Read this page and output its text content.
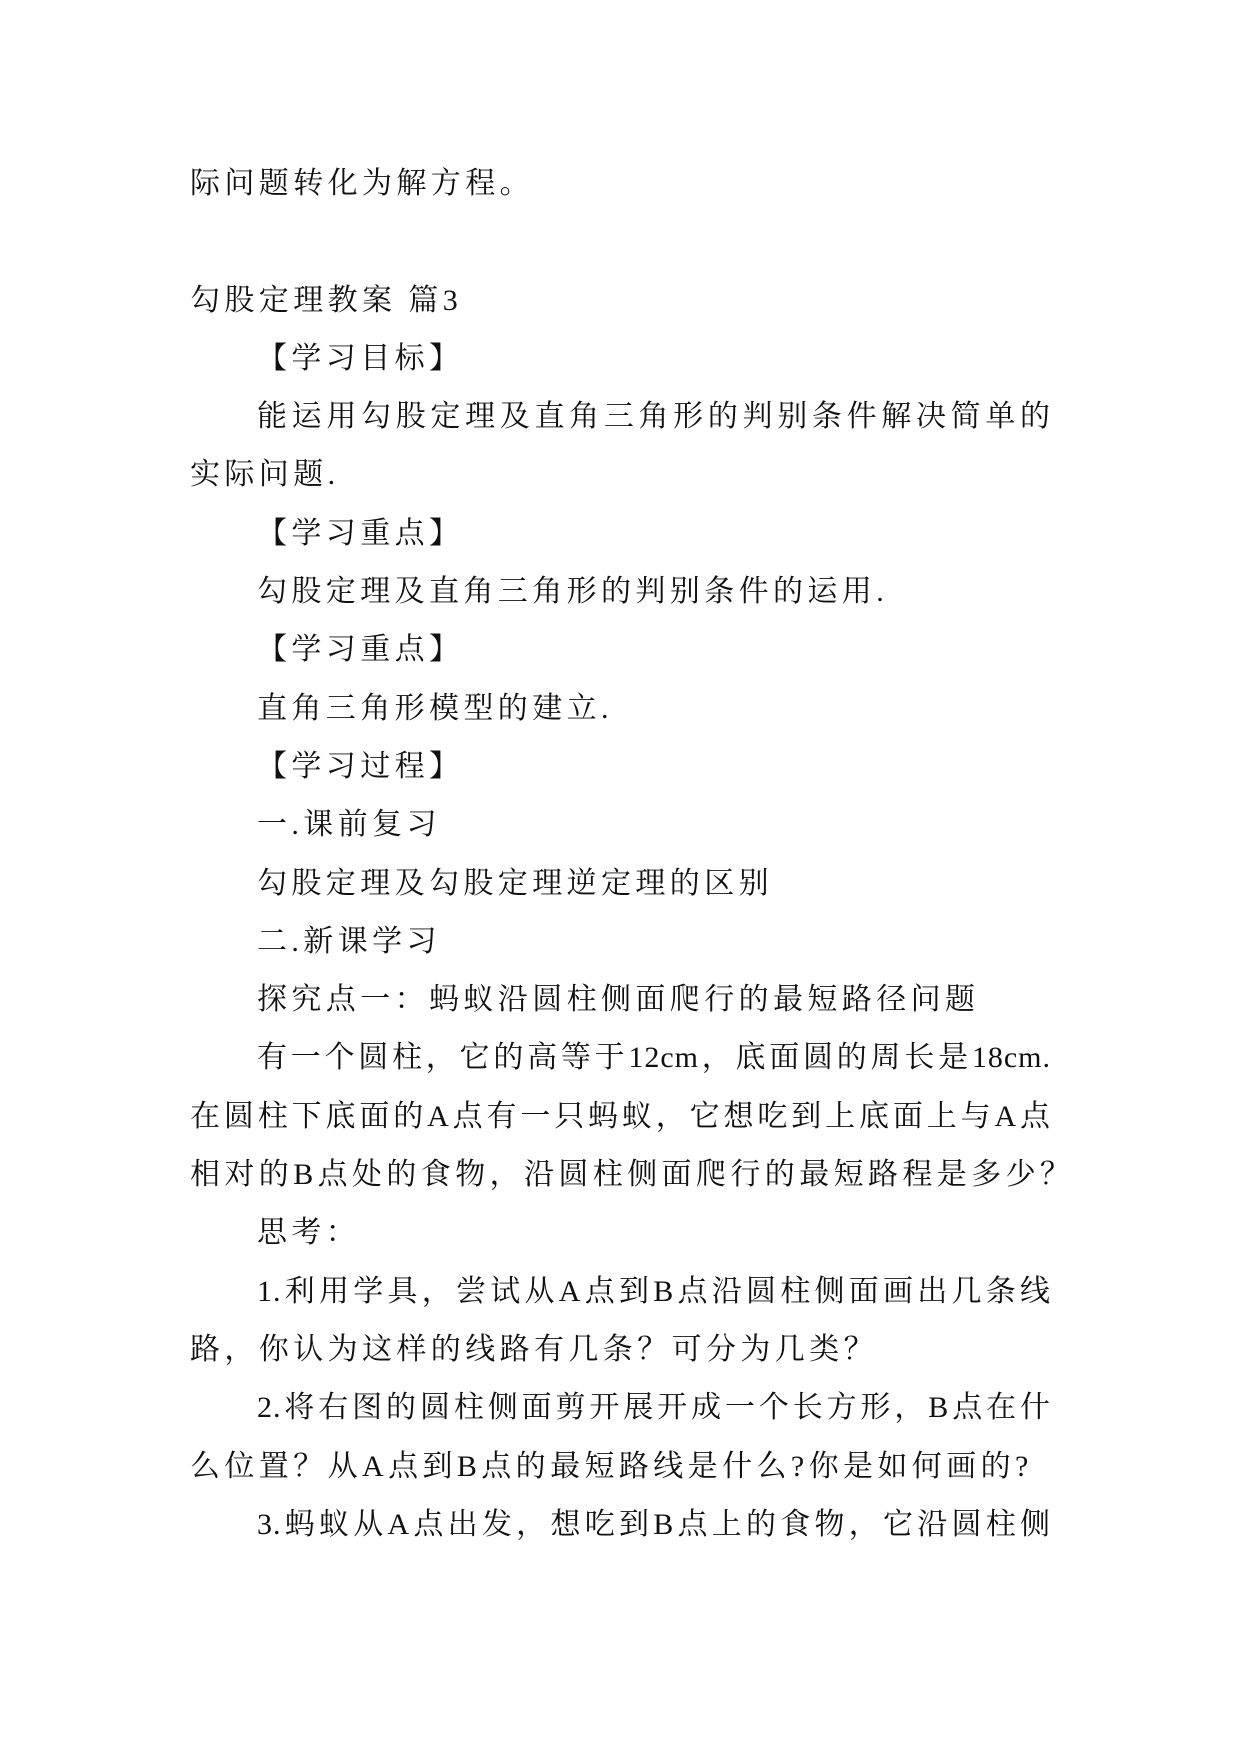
际问题转化为解方程。
勾股定理教案 篇3
【学习目标】
能运用勾股定理及直角三角形的判别条件解决简单的
实际问题.
【学习重点】
勾股定理及直角三角形的判别条件的运用.
【学习重点】
直角三角形模型的建立.
【学习过程】
一.课前复习
勾股定理及勾股定理逆定理的区别
二.新课学习
探究点一：蚂蚁沿圆柱侧面爬行的最短路径问题
有一个圆柱，它的高等于12cm，底面圆的周长是18cm.
在圆柱下底面的A点有一只蚂蚁，它想吃到上底面上与A点
相对的B点处的食物，沿圆柱侧面爬行的最短路程是多少？
思考：
1.利用学具，尝试从A点到B点沿圆柱侧面画出几条线
路，你认为这样的线路有几条？可分为几类？
2.将右图的圆柱侧面剪开展开成一个长方形，B点在什
么位置？从A点到B点的最短路线是什么?你是如何画的?
3.蚂蚁从A点出发，想吃到B点上的食物，它沿圆柱侧
